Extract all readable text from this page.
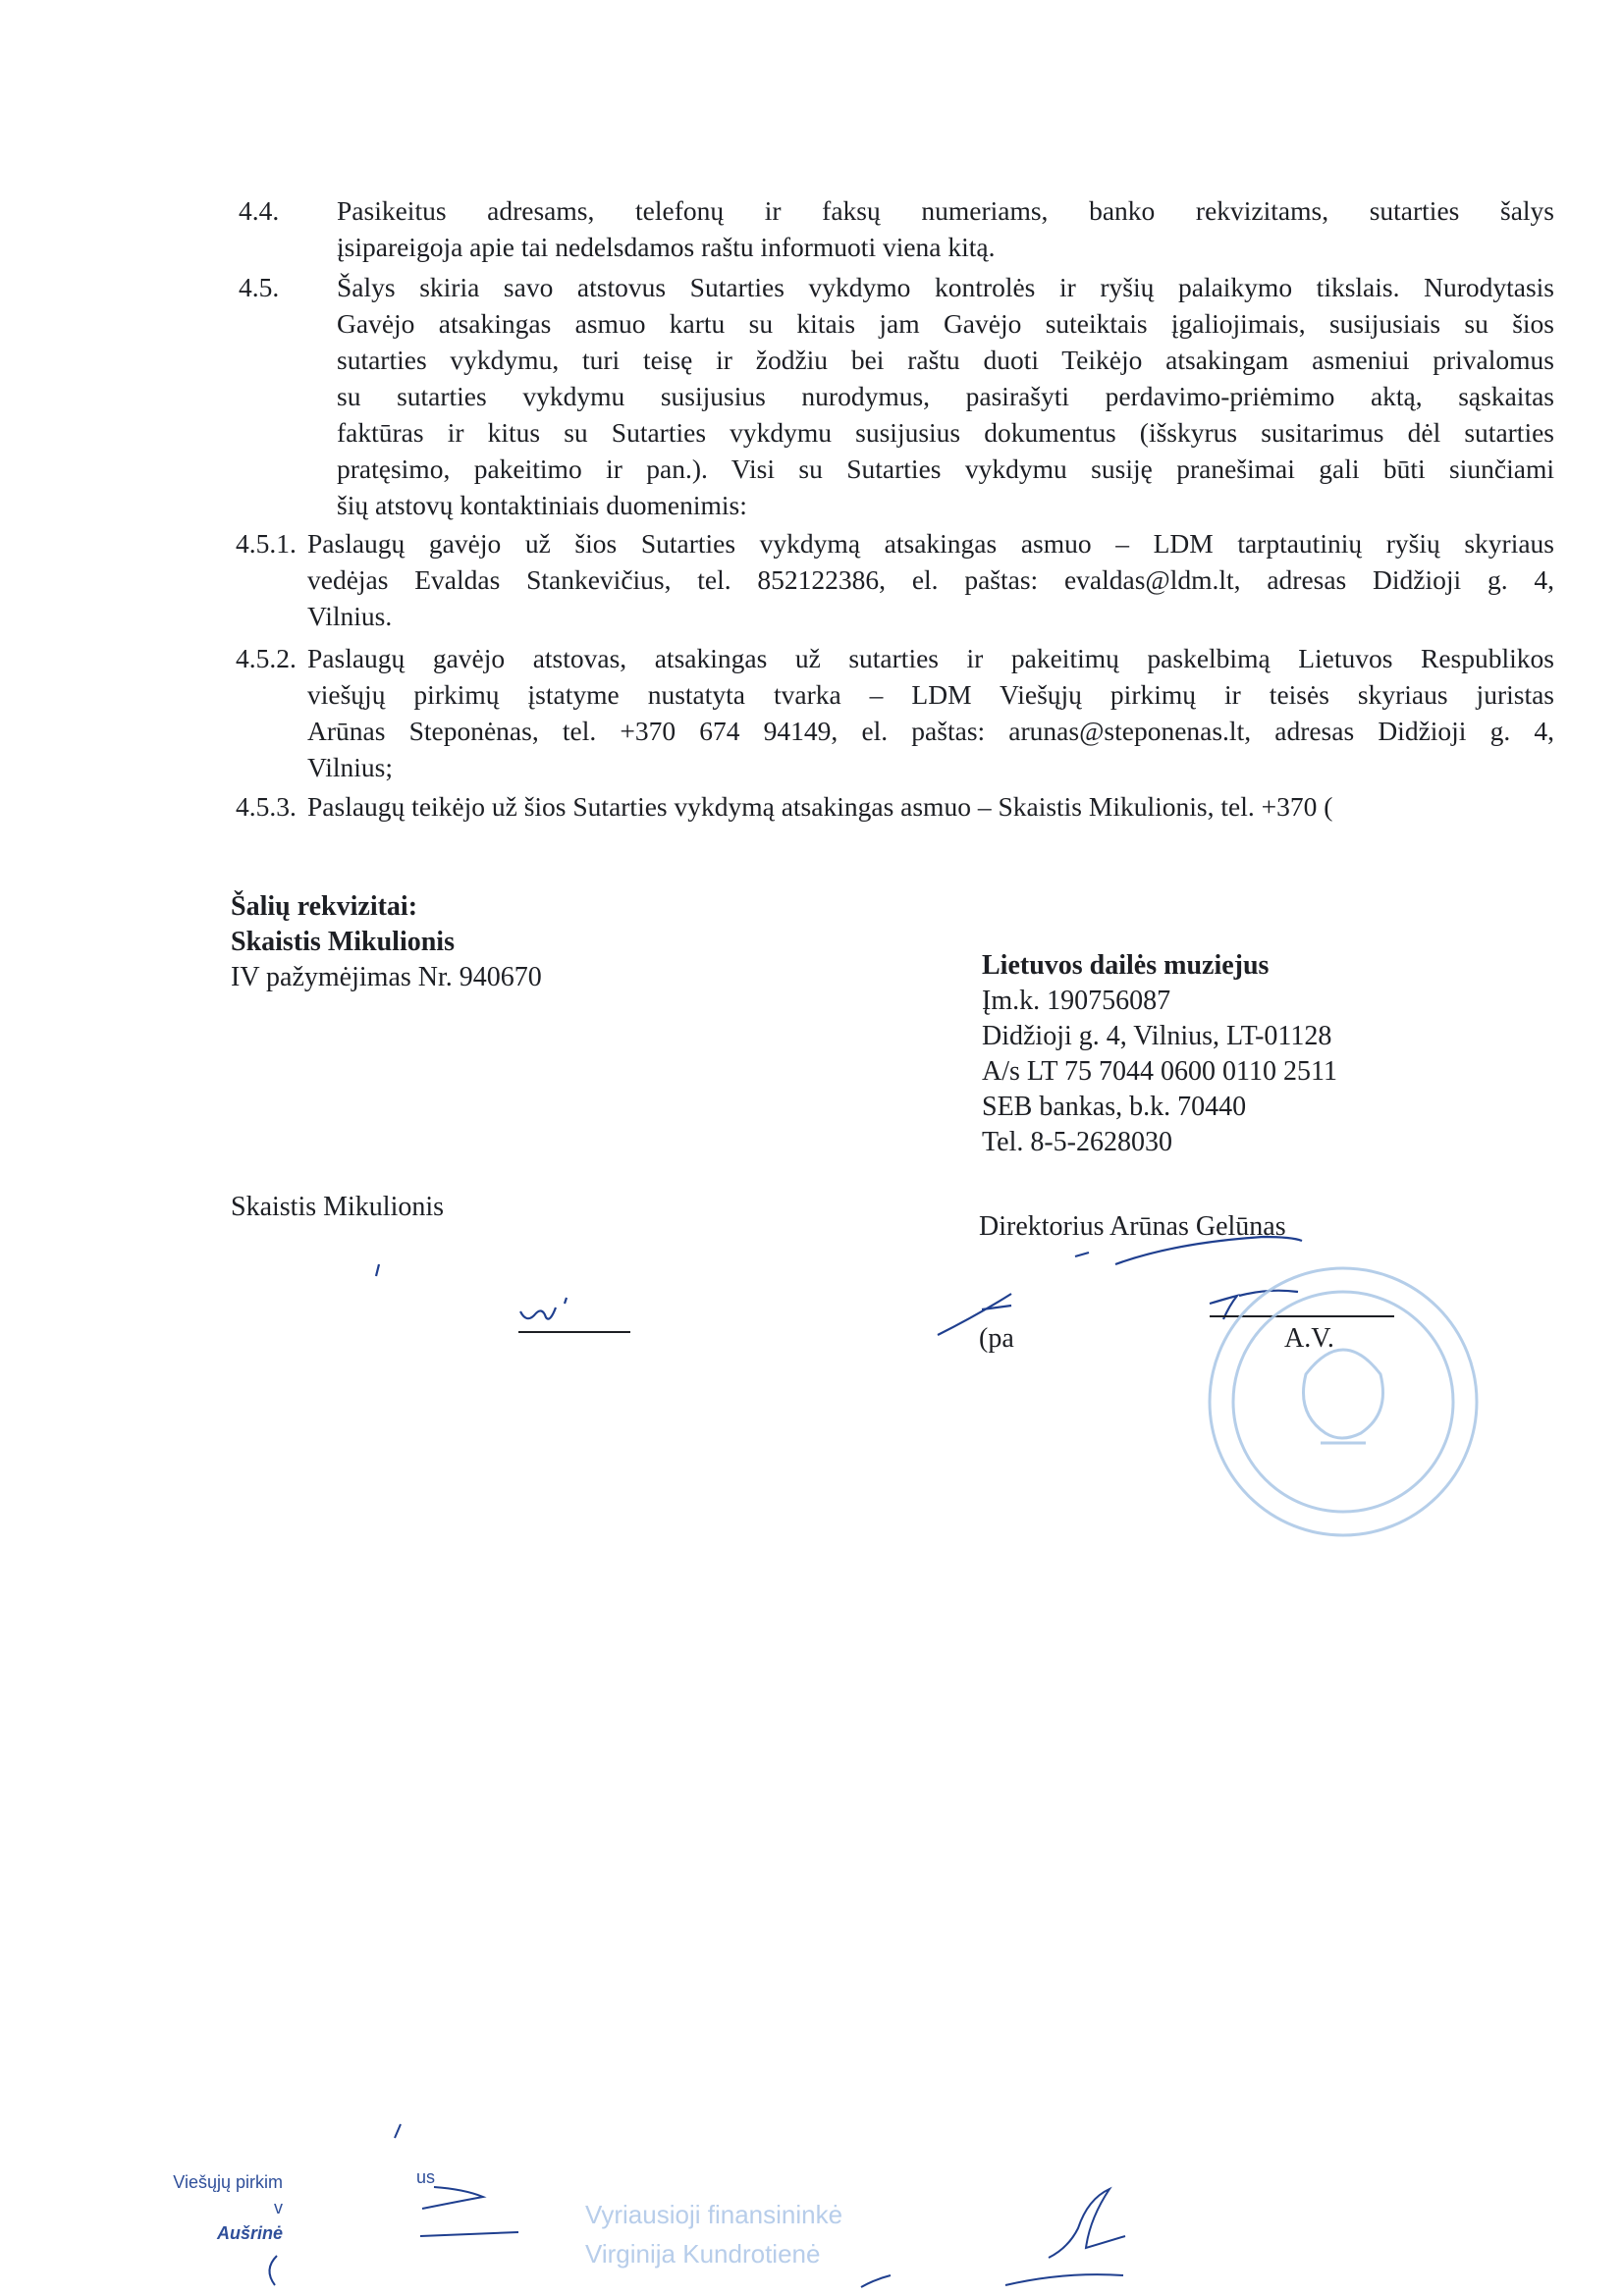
4.4. Pasikeitus adresams, telefonų ir faksų numeriams, banko rekvizitams, sutarties šalys
įsipareigoja apie tai nedelsdamos raštu informuoti viena kitą.
4.5. Šalys skiria savo atstovus Sutarties vykdymo kontrolės ir ryšių palaikymo tikslais. Nurodytasis
Gavėjo atsakingas asmuo kartu su kitais jam Gavėjo suteiktais įgaliojimais, susijusiais su šios
sutarties vykdymu, turi teisę ir žodžiu bei raštu duoti Teikėjo atsakingam asmeniui privalomus
su sutarties vykdymu susijusius nurodymus, pasirašyti perdavimo-priėmimo aktą, sąskaitas
faktūras ir kitus su Sutarties vykdymu susijusius dokumentus (išskyrus susitarimus dėl sutarties
pratęsimo, pakeitimo ir pan.). Visi su Sutarties vykdymu susiję pranešimai gali būti siunčiami
šių atstovų kontaktiniais duomenimis:
4.5.1. Paslaugų gavėjo už šios Sutarties vykdymą atsakingas asmuo – LDM tarptautinių ryšių skyriaus
vedėjas Evaldas Stankevičius, tel. 852122386, el. paštas: evaldas@ldm.lt, adresas Didžioji g. 4,
Vilnius.
4.5.2. Paslaugų gavėjo atstovas, atsakingas už sutarties ir pakeitimų paskelbimą Lietuvos Respublikos
viešųjų pirkimų įstatyme nustatyta tvarka – LDM Viešųjų pirkimų ir teisės skyriaus juristas
Arūnas Steponėnas, tel. +370 674 94149, el. paštas: arunas@steponenas.lt, adresas Didžioji g. 4,
Vilnius;
4.5.3. Paslaugų teikėjo už šios Sutarties vykdymą atsakingas asmuo – Skaistis Mikulionis, tel. +370 (
Šalių rekvizitai:
Skaistis Mikulionis
IV pažymėjimas Nr. 940670	Lietuvos dailės muziejus
Įm.k. 190756087
Didžioji g. 4, Vilnius, LT-01128
A/s LT 75 7044 0600 0110 2511
SEB bankas, b.k. 70440
Tel. 8-5-2628030
Skaistis Mikulionis
Direktorius Arūnas Gelūnas
(pa	A.V.
Viešųjų pirkim
v
Aušrinė
us
Vyriausioji finansininkė
Virginija Kundrotienė
